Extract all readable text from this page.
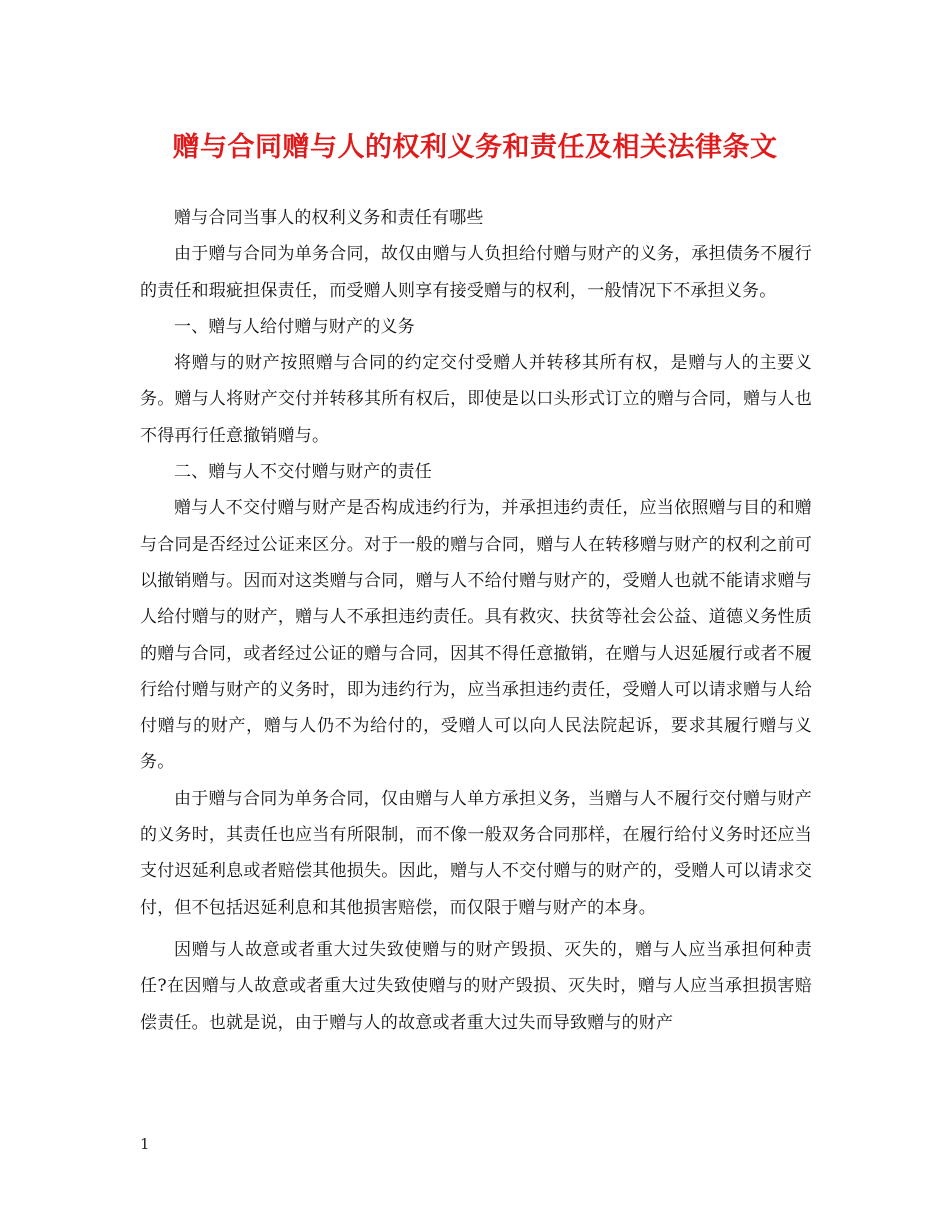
赠与合同赠与人的权利义务和责任及相关法律条文

赠与合同当事人的权利义务和责任有哪些

由于赠与合同为单务合同，故仅由赠与人负担给付赠与财产的义务，承担债务不履行的责任和瑕疵担保责任，而受赠人则享有接受赠与的权利，一般情况下不承担义务。

一、赠与人给付赠与财产的义务

将赠与的财产按照赠与合同的约定交付受赠人并转移其所有权，是赠与人的主要义务。赠与人将财产交付并转移其所有权后，即使是以口头形式订立的赠与合同，赠与人也不得再行任意撤销赠与。

二、赠与人不交付赠与财产的责任

赠与人不交付赠与财产是否构成违约行为，并承担违约责任，应当依照赠与目的和赠与合同是否经过公证来区分。对于一般的赠与合同，赠与人在转移赠与财产的权利之前可以撤销赠与。因而对这类赠与合同，赠与人不给付赠与财产的，受赠人也就不能请求赠与人给付赠与的财产，赠与人不承担违约责任。具有救灾、扶贫等社会公益、道德义务性质的赠与合同，或者经过公证的赠与合同，因其不得任意撤销，在赠与人迟延履行或者不履行给付赠与财产的义务时，即为违约行为，应当承担违约责任，受赠人可以请求赠与人给付赠与的财产，赠与人仍不为给付的，受赠人可以向人民法院起诉，要求其履行赠与义务。

由于赠与合同为单务合同，仅由赠与人单方承担义务，当赠与人不履行交付赠与财产的义务时，其责任也应当有所限制，而不像一般双务合同那样，在履行给付义务时还应当支付迟延利息或者赔偿其他损失。因此，赠与人不交付赠与的财产的，受赠人可以请求交付，但不包括迟延利息和其他损害赔偿，而仅限于赠与财产的本身。

因赠与人故意或者重大过失致使赠与的财产毁损、灭失的，赠与人应当承担何种责任?在因赠与人故意或者重大过失致使赠与的财产毁损、灭失时，赠与人应当承担损害赔偿责任。也就是说，由于赠与人的故意或者重大过失而导致赠与的财产

1
